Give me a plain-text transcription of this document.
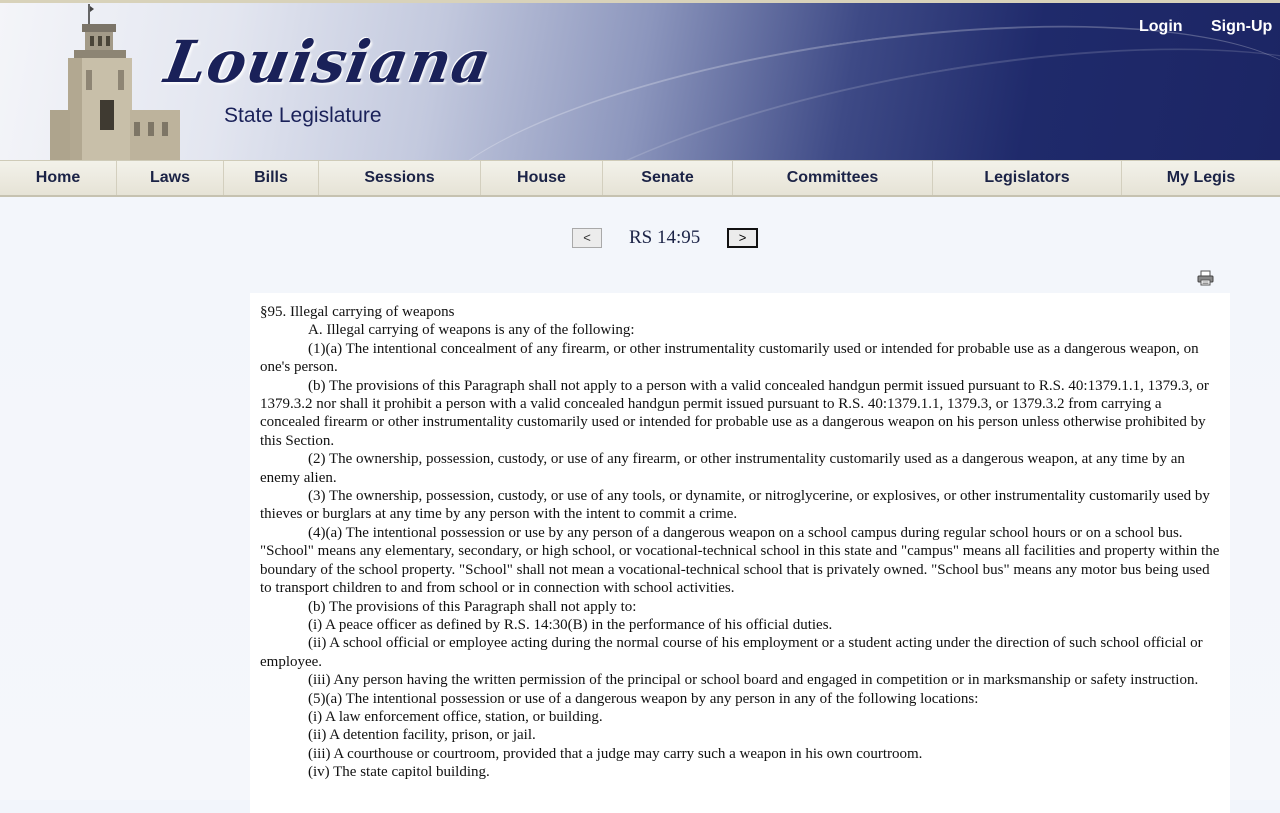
Louisiana
State Legislature
Login Sign-Up
Home	Laws	Bills	Sessions	House	Senate	Committees	Legislators	My Legis
<	RS 14:95	>

§95. Illegal carrying of weapons

A. Illegal carrying of weapons is any of the following:

(1)(a) The intentional concealment of any firearm, or other instrumentality customarily used or intended for probable use as a dangerous weapon, on one's person.

(b) The provisions of this Paragraph shall not apply to a person with a valid concealed handgun permit issued pursuant to R.S. 40:1379.1.1, 1379.3, or 1379.3.2 nor shall it prohibit a person with a valid concealed handgun permit issued pursuant to R.S. 40:1379.1.1, 1379.3, or 1379.3.2 from carrying a concealed firearm or other instrumentality customarily used or intended for probable use as a dangerous weapon on his person unless otherwise prohibited by this Section.

(2) The ownership, possession, custody, or use of any firearm, or other instrumentality customarily used as a dangerous weapon, at any time by an enemy alien.

(3) The ownership, possession, custody, or use of any tools, or dynamite, or nitroglycerine, or explosives, or other instrumentality customarily used by thieves or burglars at any time by any person with the intent to commit a crime.

(4)(a) The intentional possession or use by any person of a dangerous weapon on a school campus during regular school hours or on a school bus. "School" means any elementary, secondary, or high school, or vocational-technical school in this state and "campus" means all facilities and property within the boundary of the school property. "School" shall not mean a vocational-technical school that is privately owned. "School bus" means any motor bus being used to transport children to and from school or in connection with school activities.

(b) The provisions of this Paragraph shall not apply to:

(i) A peace officer as defined by R.S. 14:30(B) in the performance of his official duties.

(ii) A school official or employee acting during the normal course of his employment or a student acting under the direction of such school official or employee.

(iii) Any person having the written permission of the principal or school board and engaged in competition or in marksmanship or safety instruction.

(5)(a) The intentional possession or use of a dangerous weapon by any person in any of the following locations:

(i) A law enforcement office, station, or building.

(ii) A detention facility, prison, or jail.

(iii) A courthouse or courtroom, provided that a judge may carry such a weapon in his own courtroom.

(iv) The state capitol building.
